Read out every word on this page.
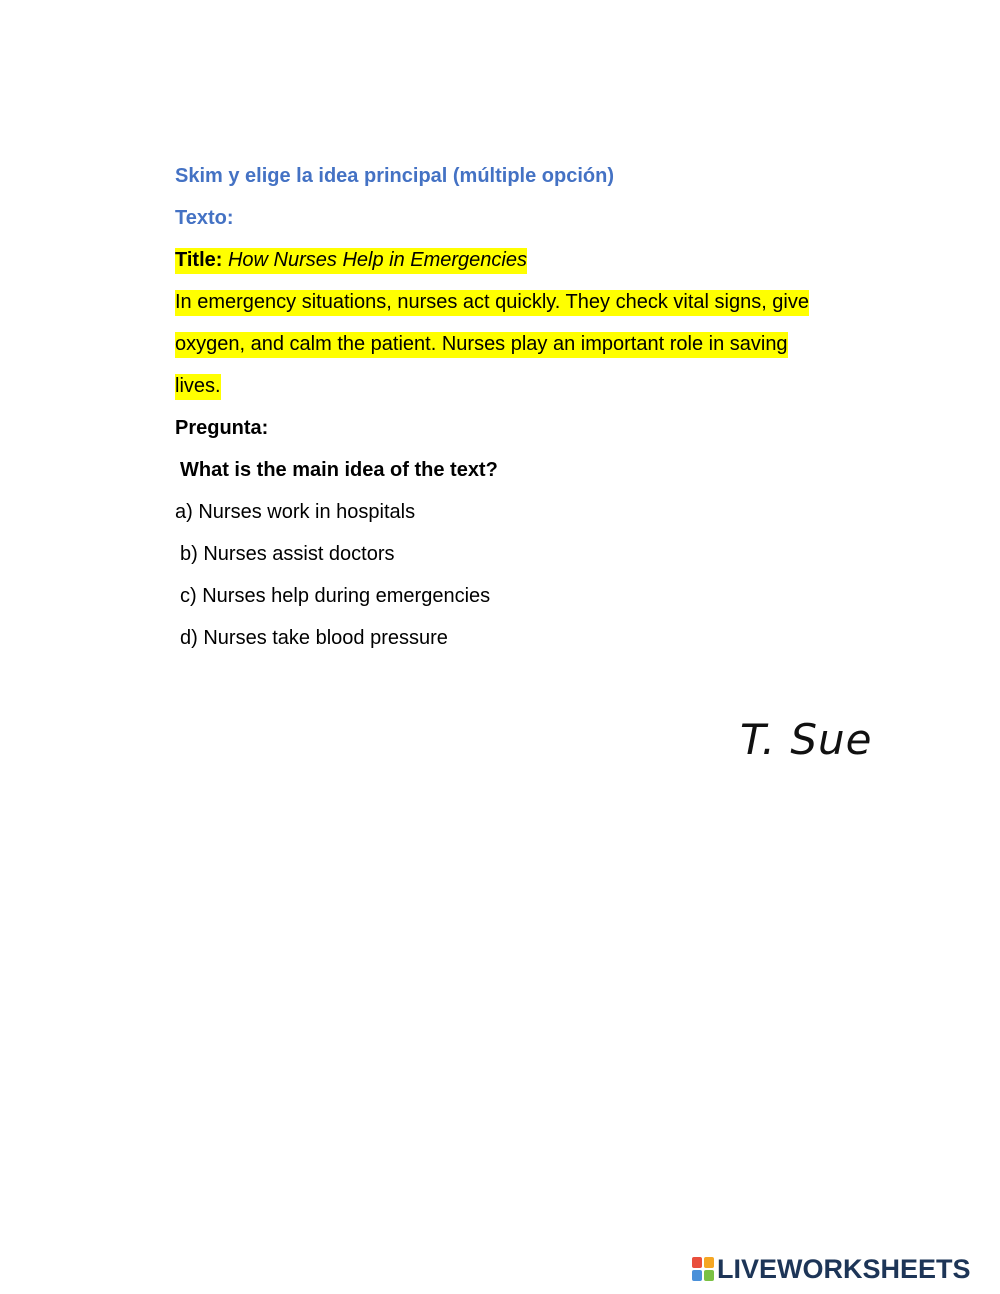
Skim y elige la idea principal (múltiple opción)
Texto:
Title: How Nurses Help in Emergencies
In emergency situations, nurses act quickly. They check vital signs, give
oxygen, and calm the patient. Nurses play an important role in saving
lives.
Pregunta:
What is the main idea of the text?
a) Nurses work in hospitals
b) Nurses assist doctors
c) Nurses help during emergencies
d) Nurses take blood pressure
T. Sue
LIVEWORKSHEETS
